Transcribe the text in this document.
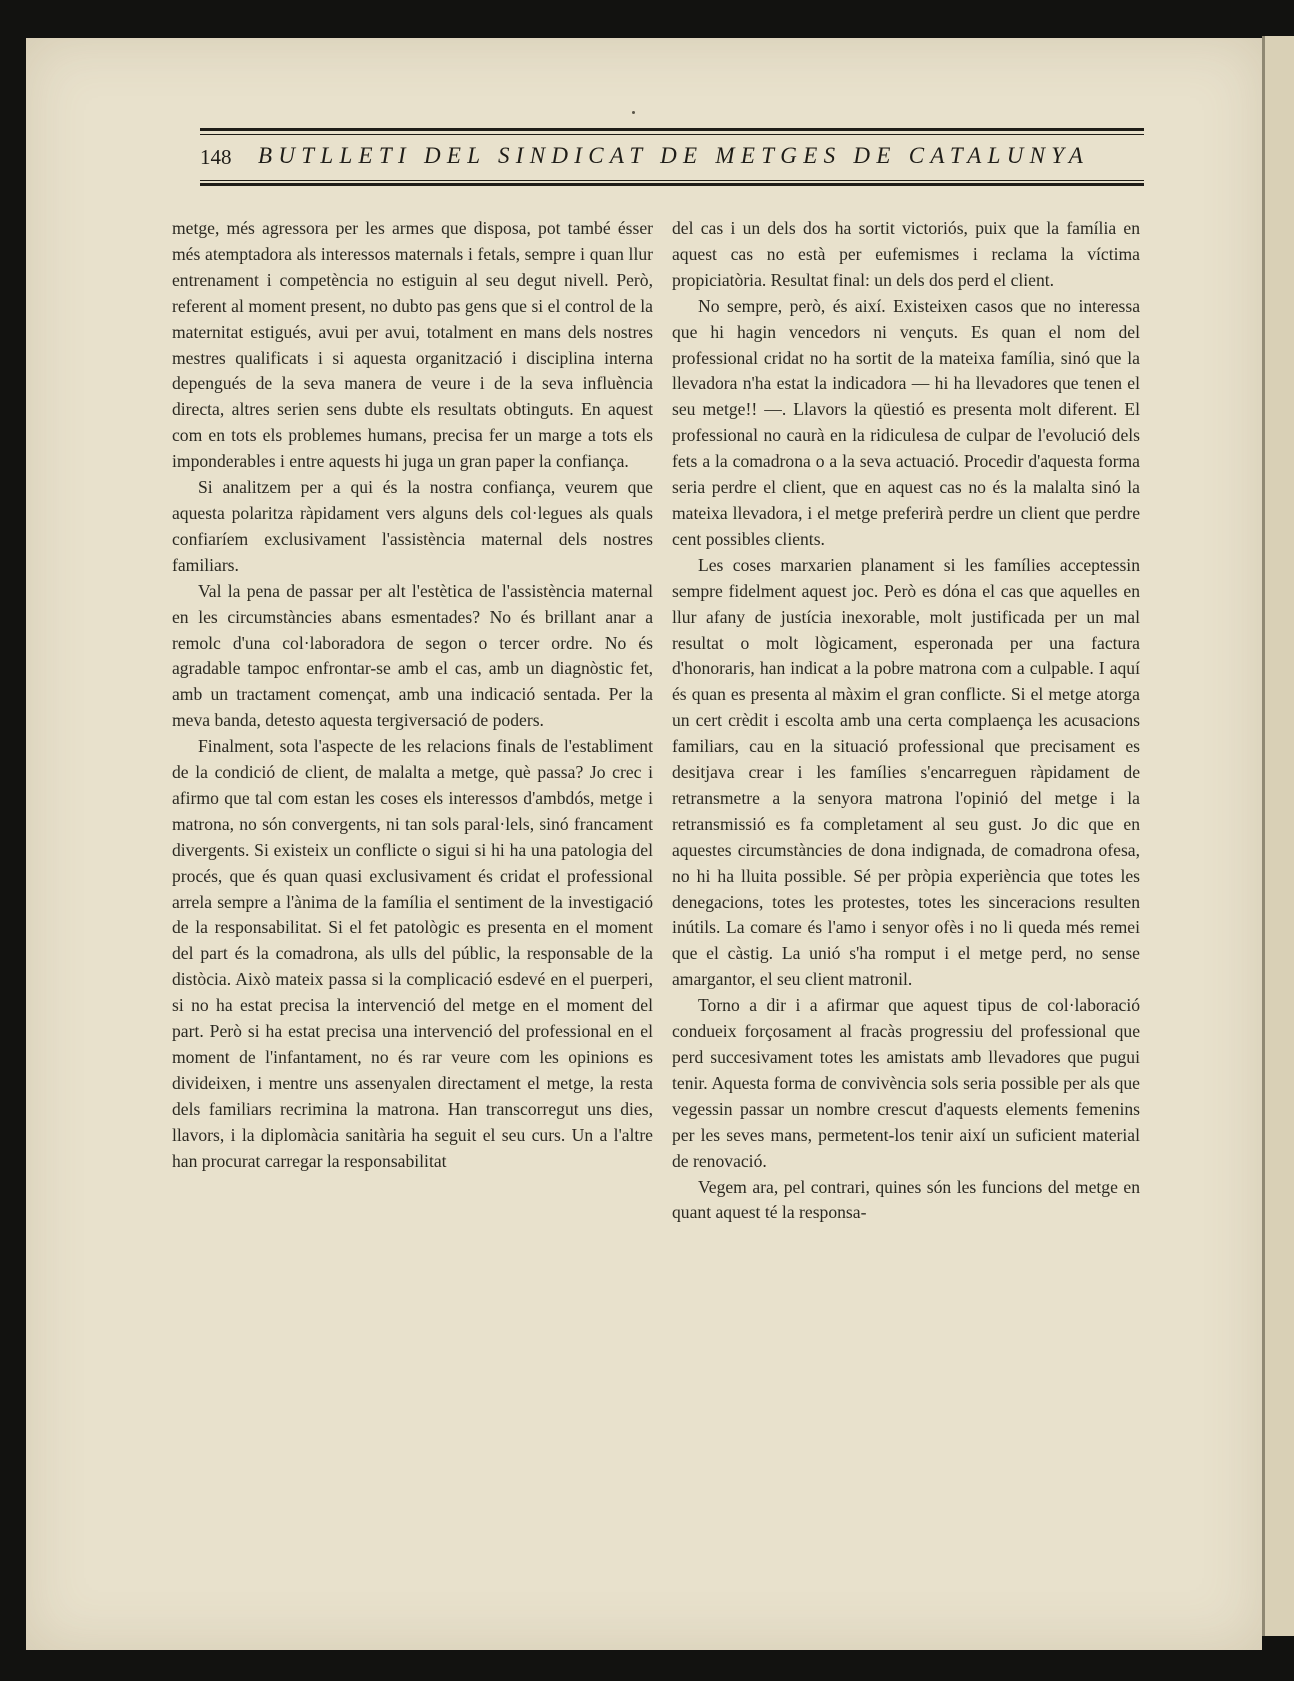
148 BUTLLETI DEL SINDICAT DE METGES DE CATALUNYA

metge, més agressora per les armes que disposa, pot també ésser més atemptadora als interessos maternals i fetals, sempre i quan llur entrenament i competència no estiguin al seu degut nivell. Però, referent al moment present, no dubto pas gens que si el control de la maternitat estigués, avui per avui, totalment en mans dels nostres mestres qualificats i si aquesta organització i disciplina interna depengués de la seva manera de veure i de la seva influència directa, altres serien sens dubte els resultats obtinguts. En aquest com en tots els problemes humans, precisa fer un marge a tots els imponderables i entre aquests hi juga un gran paper la confiança.

Si analitzem per a qui és la nostra confiança, veurem que aquesta polaritza ràpidament vers alguns dels col·legues als quals confiaríem exclusivament l'assistència maternal dels nostres familiars.

Val la pena de passar per alt l'estètica de l'assistència maternal en les circumstàncies abans esmentades? No és brillant anar a remolc d'una col·laboradora de segon o tercer ordre. No és agradable tampoc enfrontar-se amb el cas, amb un diagnòstic fet, amb un tractament començat, amb una indicació sentada. Per la meva banda, detesto aquesta tergiversació de poders.

Finalment, sota l'aspecte de les relacions finals de l'establiment de la condició de client, de malalta a metge, què passa? Jo crec i afirmo que tal com estan les coses els interessos d'ambdós, metge i matrona, no són convergents, ni tan sols paral·lels, sinó francament divergents. Si existeix un conflicte o sigui si hi ha una patologia del procés, que és quan quasi exclusivament és cridat el professional arrela sempre a l'ànima de la família el sentiment de la investigació de la responsabilitat. Si el fet patològic es presenta en el moment del part és la comadrona, als ulls del públic, la responsable de la distòcia. Això mateix passa si la complicació esdevé en el puerperi, si no ha estat precisa la intervenció del metge en el moment del part. Però si ha estat precisa una intervenció del professional en el moment de l'infantament, no és rar veure com les opinions es divideixen, i mentre uns assenyalen directament el metge, la resta dels familiars recrimina la matrona. Han transcorregut uns dies, llavors, i la diplomàcia sanitària ha seguit el seu curs. Un a l'altre han procurat carregar la responsabilitat

del cas i un dels dos ha sortit victoriós, puix que la família en aquest cas no està per eufemismes i reclama la víctima propiciatòria. Resultat final: un dels dos perd el client.

No sempre, però, és així. Existeixen casos que no interessa que hi hagin vencedors ni vençuts. Es quan el nom del professional cridat no ha sortit de la mateixa família, sinó que la llevadora n'ha estat la indicadora — hi ha llevadores que tenen el seu metge!! —. Llavors la qüestió es presenta molt diferent. El professional no caurà en la ridiculesa de culpar de l'evolució dels fets a la comadrona o a la seva actuació. Procedir d'aquesta forma seria perdre el client, que en aquest cas no és la malalta sinó la mateixa llevadora, i el metge preferirà perdre un client que perdre cent possibles clients.

Les coses marxarien planament si les famílies acceptessin sempre fidelment aquest joc. Però es dóna el cas que aquelles en llur afany de justícia inexorable, molt justificada per un mal resultat o molt lògicament, esperonada per una factura d'honoraris, han indicat a la pobre matrona com a culpable. I aquí és quan es presenta al màxim el gran conflicte. Si el metge atorga un cert crèdit i escolta amb una certa complaença les acusacions familiars, cau en la situació professional que precisament es desitjava crear i les famílies s'encarreguen ràpidament de retransmetre a la senyora matrona l'opinió del metge i la retransmissió es fa completament al seu gust. Jo dic que en aquestes circumstàncies de dona indignada, de comadrona ofesa, no hi ha lluita possible. Sé per pròpia experiència que totes les denegacions, totes les protestes, totes les sinceracions resulten inútils. La comare és l'amo i senyor ofès i no li queda més remei que el càstig. La unió s'ha romput i el metge perd, no sense amargantor, el seu client matronil.

Torno a dir i a afirmar que aquest tipus de col·laboració condueix forçosament al fracàs progressiu del professional que perd succesivament totes les amistats amb llevadores que pugui tenir. Aquesta forma de convivència sols seria possible per als que vegessin passar un nombre crescut d'aquests elements femenins per les seves mans, permetent-los tenir així un suficient material de renovació.

Vegem ara, pel contrari, quines són les funcions del metge en quant aquest té la responsa-
